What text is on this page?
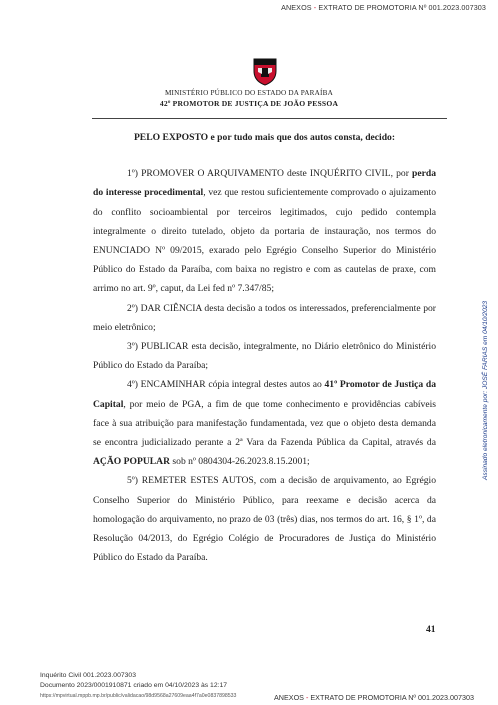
ANEXOS - EXTRATO DE PROMOTORIA Nº 001.2023.007303
MINISTÉRIO PÚBLICO DO ESTADO DA PARAÍBA
42º PROMOTOR DE JUSTIÇA DE JOÃO PESSOA

PELO EXPOSTO e por tudo mais que dos autos consta, decido:

1º) PROMOVER O ARQUIVAMENTO deste INQUÉRITO CIVIL, por perda do interesse procedimental, vez que restou suficientemente comprovado o ajuizamento do conflito socioambiental por terceiros legitimados, cujo pedido contempla integralmente o direito tutelado, objeto da portaria de instauração, nos termos do ENUNCIADO Nº 09/2015, exarado pelo Egrégio Conselho Superior do Ministério Público do Estado da Paraíba, com baixa no registro e com as cautelas de praxe, com arrimo no art. 9º, caput, da Lei fed nº 7.347/85;

2º) DAR CIÊNCIA desta decisão a todos os interessados, preferencialmente por meio eletrônico;

3º) PUBLICAR esta decisão, integralmente, no Diário eletrônico do Ministério Público do Estado da Paraíba;

4º) ENCAMINHAR cópia integral destes autos ao 41º Promotor de Justiça da Capital, por meio de PGA, a fim de que tome conhecimento e providências cabíveis face à sua atribuição para manifestação fundamentada, vez que o objeto desta demanda se encontra judicializado perante a 2ª Vara da Fazenda Pública da Capital, através da AÇÃO POPULAR sob nº 0804304-26.2023.8.15.2001;

5º) REMETER ESTES AUTOS, com a decisão de arquivamento, ao Egrégio Conselho Superior do Ministério Público, para reexame e decisão acerca da homologação do arquivamento, no prazo de 03 (três) dias, nos termos do art. 16, § 1º, da Resolução 04/2013, do Egrégio Colégio de Procuradores de Justiça do Ministério Público do Estado da Paraíba.

41
Assinado eletronicamente por: JOSÉ FARIAS em 04/10/2023
Inquérito Civil 001.2023.007303
Documento 2023/0001910871 criado em 04/10/2023 às 12:17
https://mpvirtual.mppb.mp.br/public/validacao/98d9568a27609eaa4f7a0e0837898533	ANEXOS - EXTRATO DE PROMOTORIA Nº 001.2023.007303
